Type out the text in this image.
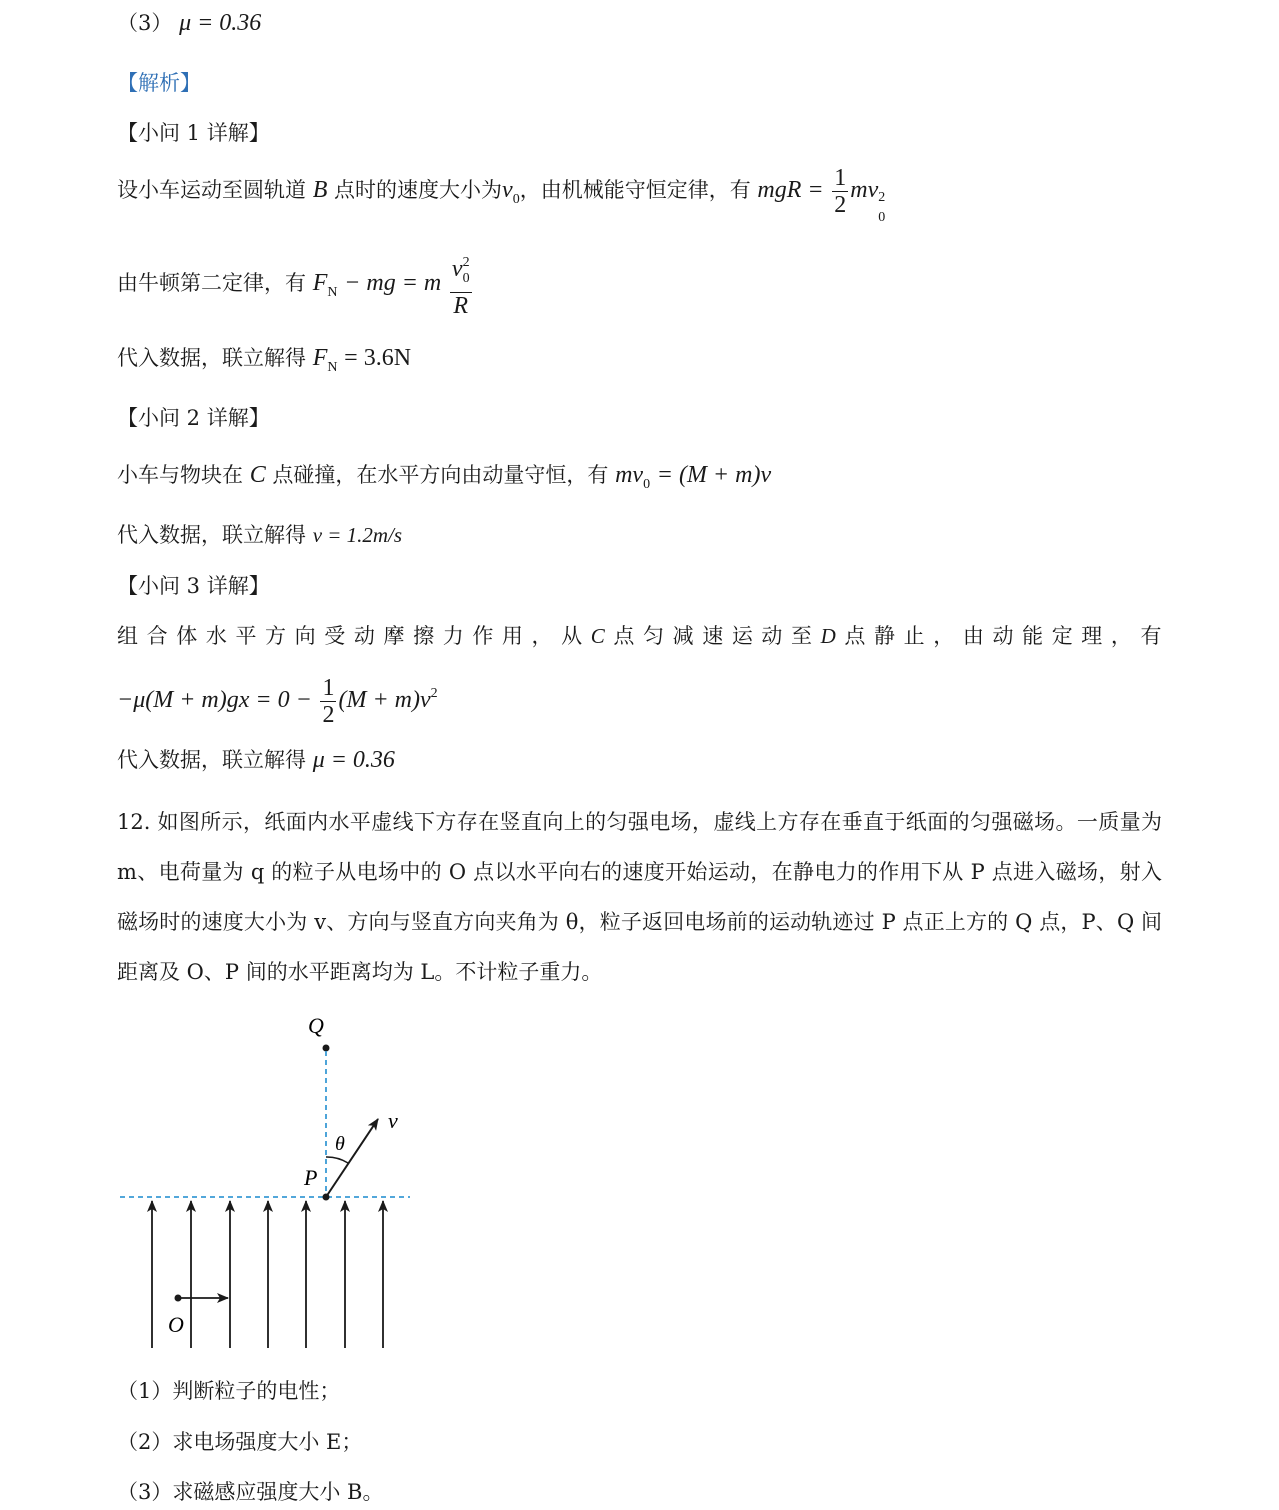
（3） μ = 0.36
【解析】
【小问 1 详解】
设小车运动至圆轨道 B 点时的速度大小为$v_0$，由机械能守恒定律，有 mgR = $\frac{1}{2}$ mv 2
0
由牛顿第二定律，有 $F_N$ − mg = m $\frac{v_0^2}{R}$
代入数据，联立解得 $F_N = 3.6N$
【小问 2 详解】
小车与物块在 C 点碰撞，在水平方向由动量守恒，有 $mv_0 = (M + m)v$
代入数据，联立解得 v = 1.2m/s
【小问 3 详解】
组 合 体 水 平 方 向 受 动 摩 擦 力 作 用 ， 从 C 点 匀 减 速 运 动 至 D 点 静 止 ， 由 动 能 定 理 ， 有
$-\mu(M + m)gx = 0 - \frac{1}{2} (M + m)v^2$
代入数据，联立解得 μ = 0.36
12. 如图所示，纸面内水平虚线下方存在竖直向上的匀强电场，虚线上方存在垂直于纸面的匀强磁场。一质量为 m、电荷量为 q 的粒子从电场中的 O 点以水平向右的速度开始运动，在静电力的作用下从 P 点进入磁场，射入磁场时的速度大小为 v、方向与竖直方向夹角为 θ，粒子返回电场前的运动轨迹过 P 点正上方的 Q 点，P、Q 间距离及 O、P 间的水平距离均为 L。不计粒子重力。
Q
v
θ
P
O
（1）判断粒子的电性；
（2）求电场强度大小 E；
（3）求磁感应强度大小 B。
